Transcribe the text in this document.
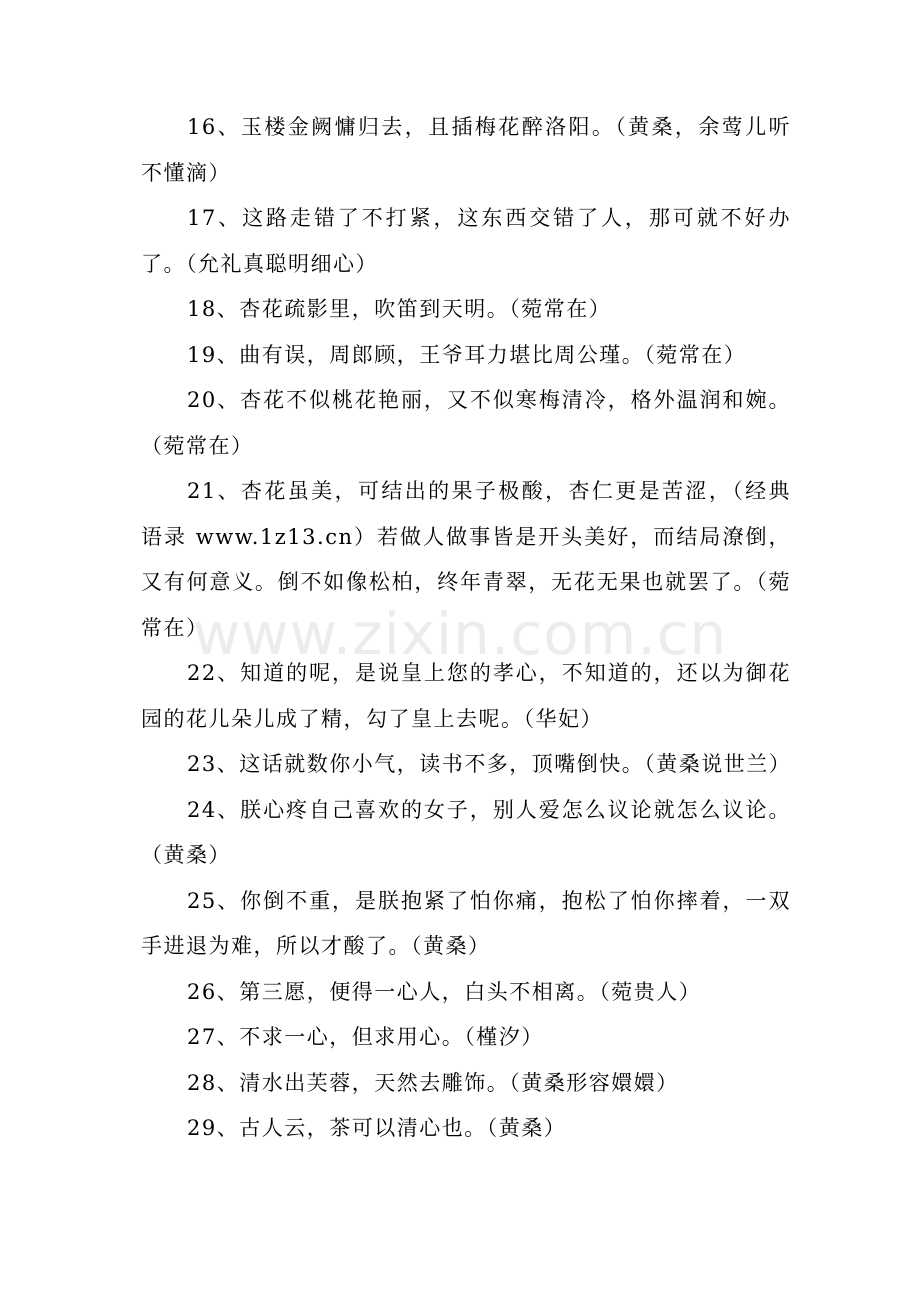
16、玉楼金阙慵归去，且插梅花醉洛阳。（黄桑，余莺儿听不懂滴）

17、这路走错了不打紧，这东西交错了人，那可就不好办了。（允礼真聪明细心）

18、杏花疏影里，吹笛到天明。（菀常在）

19、曲有误，周郎顾，王爷耳力堪比周公瑾。（菀常在）

20、杏花不似桃花艳丽，又不似寒梅清冷，格外温润和婉。（菀常在）

21、杏花虽美，可结出的果子极酸，杏仁更是苦涩，（经典语录 www.1z13.cn）若做人做事皆是开头美好，而结局潦倒，又有何意义。倒不如像松柏，终年青翠，无花无果也就罢了。（菀常在）

22、知道的呢，是说皇上您的孝心，不知道的，还以为御花园的花儿朵儿成了精，勾了皇上去呢。（华妃）

23、这话就数你小气，读书不多，顶嘴倒快。（黄桑说世兰）

24、朕心疼自己喜欢的女子，别人爱怎么议论就怎么议论。（黄桑）

25、你倒不重，是朕抱紧了怕你痛，抱松了怕你摔着，一双手进退为难，所以才酸了。（黄桑）

26、第三愿，便得一心人，白头不相离。（菀贵人）

27、不求一心，但求用心。（槿汐）

28、清水出芙蓉，天然去雕饰。（黄桑形容嬛嬛）

29、古人云，茶可以清心也。（黄桑）

www.zixin.com.cn
